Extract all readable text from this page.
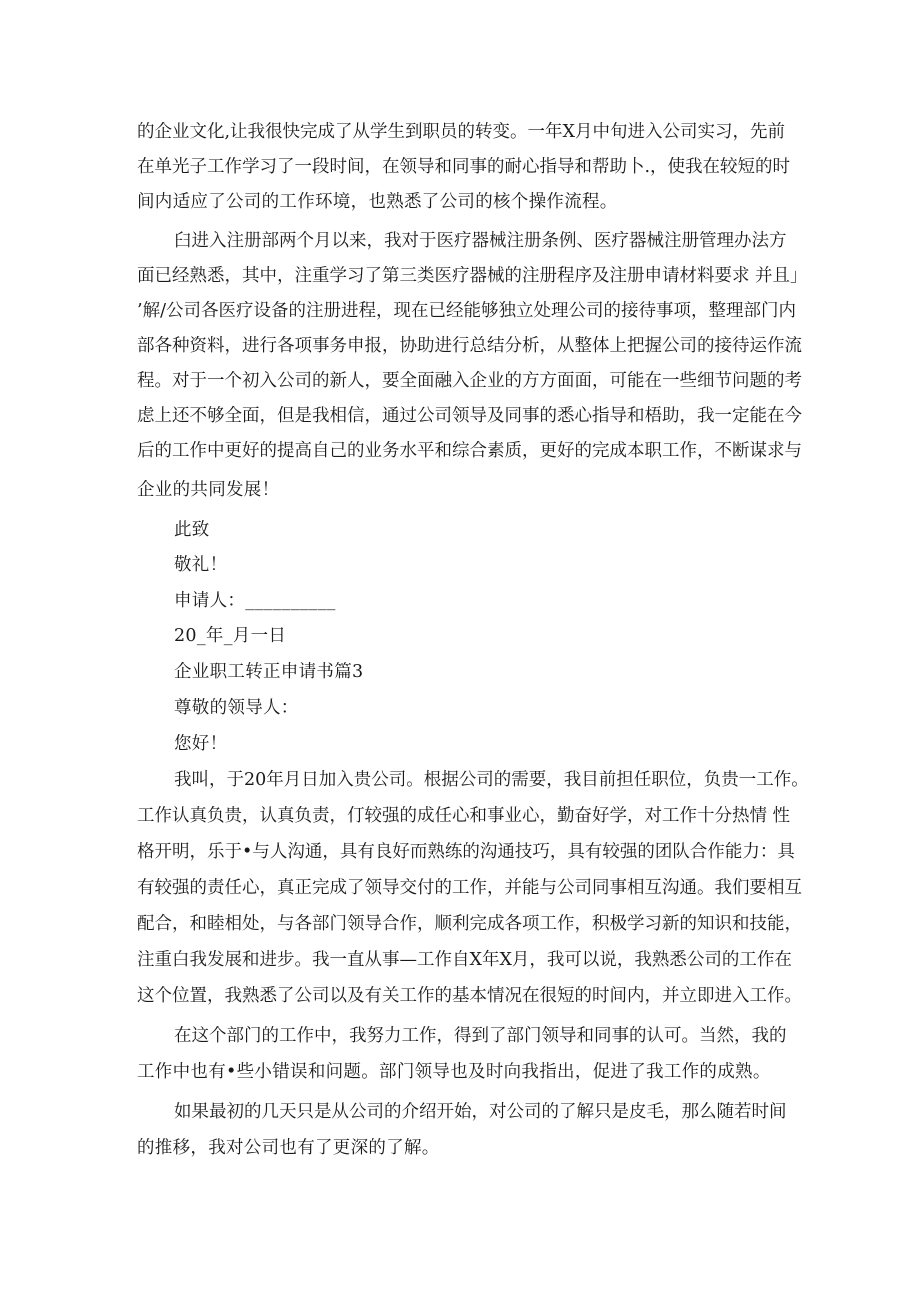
的企业文化,让我很快完成了从学生到职员的转变。一年X月中旬进入公司实习，先前

在单光子工作学习了一段时间，在领导和同事的耐心指导和帮助卜.，使我在较短的时

间内适应了公司的工作环境，也熟悉了公司的核个操作流程。

臼进入注册部两个月以来，我对于医疗器械注册条例、医疗器械注册管理办法方

面已经熟悉，其中，注重学习了第三类医疗器械的注册程序及注册申请材料要求 并且」

’解/公司各医疗设备的注册进程，现在已经能够独立处理公司的接待事项，整理部门内

部各种资料，进行各项事务申报，协助进行总结分析，从整体上把握公司的接待运作流

程。对于一个初入公司的新人，要全面融入企业的方方面面，可能在一些细节问题的考

虑上还不够全面，但是我相信，通过公司领导及同事的悉心指导和梧助，我一定能在今

后的工作中更好的提高自己的业务水平和综合素质，更好的完成本职工作，不断谋求与

企业的共同发展！

此致

敬礼！

申请人：__________

20_年_月一日

企业职工转正申请书篇3

尊敬的领导人：

您好！

我叫，于20年月日加入贵公司。根据公司的需要，我目前担任职位，负贵一工作。

工作认真负贵，认真负责，仃较强的成任心和事业心，勤奋好学，对工作十分热情 性

格开明，乐于•与人沟通，具有良好而熟练的沟通技巧，具有较强的团队合作能力：具

有较强的责任心，真正完成了领导交付的工作，并能与公司同事相互沟通。我们要相互

配合，和睦相处，与各部门领导合作，顺利完成各项工作，积极学习新的知识和技能，

注重白我发展和进步。我一直从事—工作自X年X月，我可以说，我熟悉公司的工作在

这个位置，我熟悉了公司以及有关工作的基本情况在很短的时间内，并立即进入工作。

在这个部门的工作中，我努力工作，得到了部门领导和同事的认可。当然，我的

工作中也有•些小错误和问题。部门领导也及时向我指出，促进了我工作的成熟。

如果最初的几天只是从公司的介绍开始，对公司的了解只是皮毛，那么随若时间

的推移，我对公司也有了更深的了解。
